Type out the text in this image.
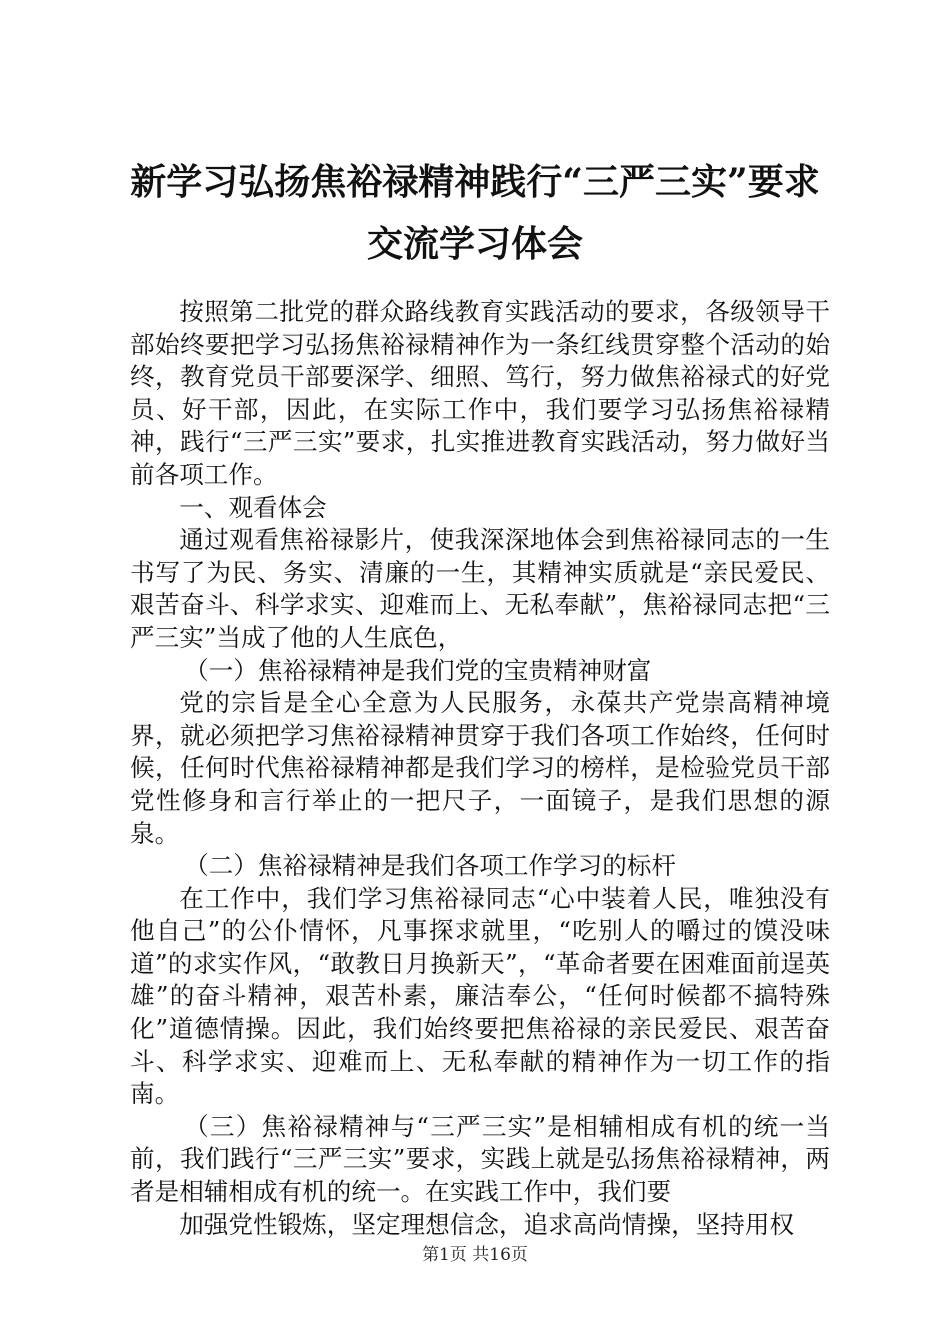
新学习弘扬焦裕禄精神践行“三严三实”要求
交流学习体会

按照第二批党的群众路线教育实践活动的要求，各级领导干部始终要把学习弘扬焦裕禄精神作为一条红线贯穿整个活动的始终，教育党员干部要深学、细照、笃行，努力做焦裕禄式的好党员、好干部，因此，在实际工作中，我们要学习弘扬焦裕禄精神，践行“三严三实”要求，扎实推进教育实践活动，努力做好当前各项工作。

一、观看体会

通过观看焦裕禄影片，使我深深地体会到焦裕禄同志的一生书写了为民、务实、清廉的一生，其精神实质就是“亲民爱民、艰苦奋斗、科学求实、迎难而上、无私奉献”，焦裕禄同志把“三严三实”当成了他的人生底色，

（一）焦裕禄精神是我们党的宝贵精神财富

党的宗旨是全心全意为人民服务，永葆共产党崇高精神境界，就必须把学习焦裕禄精神贯穿于我们各项工作始终，任何时候，任何时代焦裕禄精神都是我们学习的榜样，是检验党员干部党性修身和言行举止的一把尺子，一面镜子，是我们思想的源泉。

（二）焦裕禄精神是我们各项工作学习的标杆

在工作中，我们学习焦裕禄同志“心中装着人民，唯独没有他自己”的公仆情怀，凡事探求就里，“吃别人的嚼过的馍没味道”的求实作风，“敢教日月换新天”，“革命者要在困难面前逞英雄”的奋斗精神，艰苦朴素，廉洁奉公，“任何时候都不搞特殊化”道德情操。因此，我们始终要把焦裕禄的亲民爱民、艰苦奋斗、科学求实、迎难而上、无私奉献的精神作为一切工作的指南。

（三）焦裕禄精神与“三严三实”是相辅相成有机的统一当前，我们践行“三严三实”要求，实践上就是弘扬焦裕禄精神，两者是相辅相成有机的统一。在实践工作中，我们要

加强党性锻炼，坚定理想信念，追求高尚情操，坚持用权

第1页 共16页
